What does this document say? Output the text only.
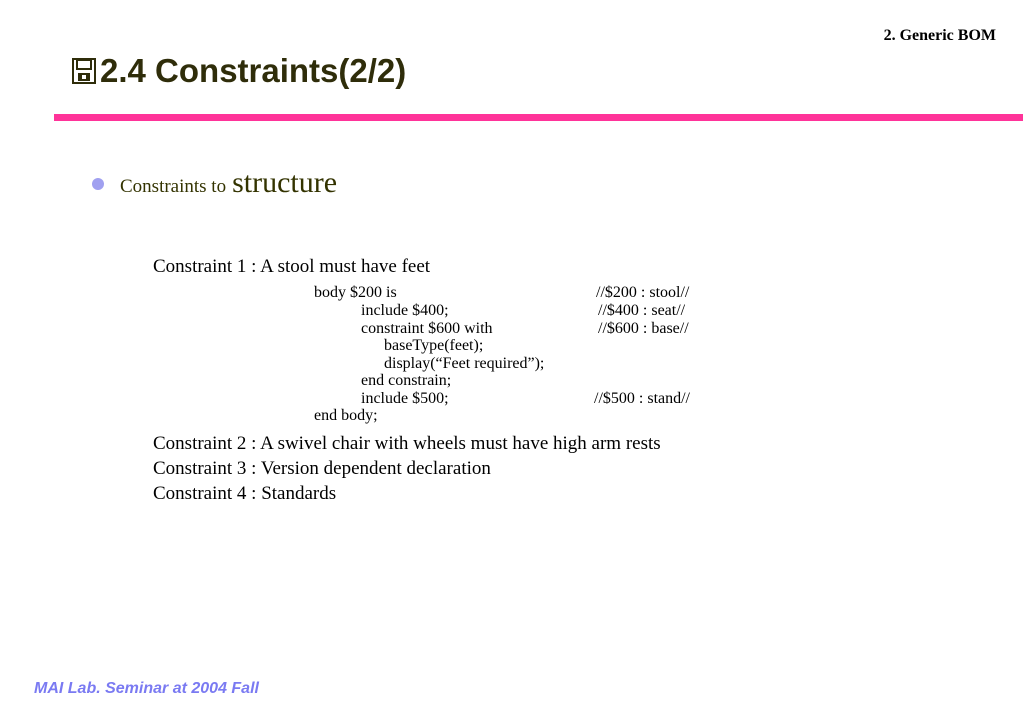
2. Generic BOM
2.4 Constraints(2/2)
Constraints to structure
Constraint 1 : A stool must have feet
body $200 is
include $400;
constraint $600 with
baseType(feet);
display(“Feet required”);
end constrain;
include $500;
end body;
//$200 : stool//
//$400 : seat//
//$600 : base//
//$500 : stand//
Constraint 2 : A swivel chair with wheels must have high arm rests
Constraint 3 : Version dependent declaration
Constraint 4 : Standards
MAI Lab. Seminar at 2004 Fall
